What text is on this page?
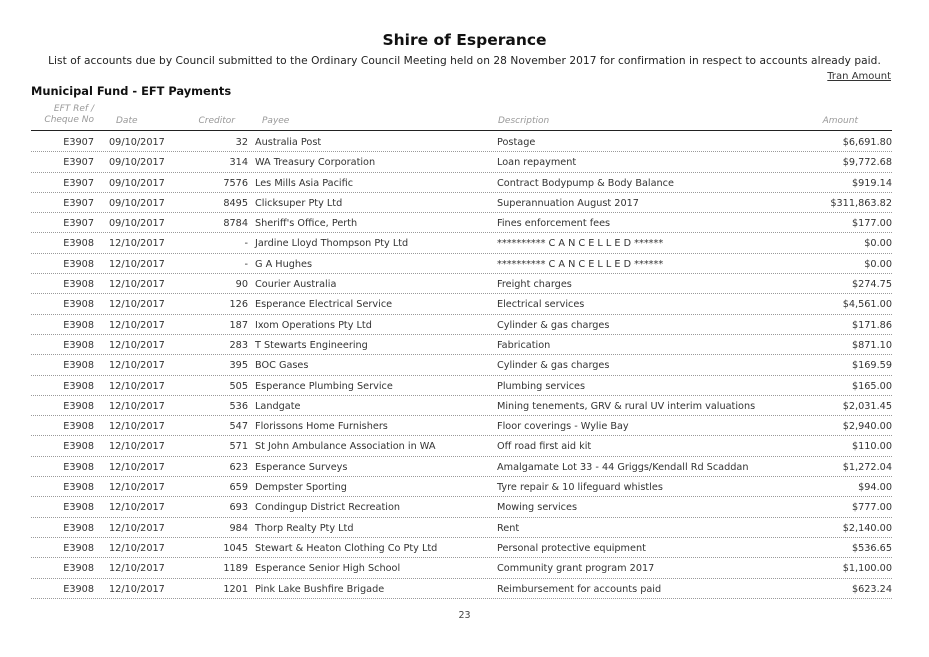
Shire of Esperance
List of accounts due by Council submitted to the Ordinary Council Meeting held on 28 November 2017 for confirmation in respect to accounts already paid.
Tran Amount
Municipal Fund - EFT Payments
EFT Ref /
Cheque No Date	Creditor	Payee	Description	Amount
E3907 09/10/2017	32 Australia Post	Postage	$6,691.80
E3907 09/10/2017	314 WA Treasury Corporation	Loan repayment	$9,772.68
E3907 09/10/2017	7576 Les Mills Asia Pacific	Contract Bodypump & Body Balance	$919.14
E3907 09/10/2017	8495 Clicksuper Pty Ltd	Superannuation August 2017	$311,863.82
E3907 09/10/2017	8784 Sheriff's Office, Perth	Fines enforcement fees	$177.00
E3908 12/10/2017	- Jardine Lloyd Thompson Pty Ltd	********** C A N C E L L E D ******	$0.00
E3908 12/10/2017	- G A Hughes	********** C A N C E L L E D ******	$0.00
E3908 12/10/2017	90 Courier Australia	Freight charges	$274.75
E3908 12/10/2017	126 Esperance Electrical Service	Electrical services	$4,561.00
E3908 12/10/2017	187 Ixom Operations Pty Ltd	Cylinder & gas charges	$171.86
E3908 12/10/2017	283 T Stewarts Engineering	Fabrication	$871.10
E3908 12/10/2017	395 BOC Gases	Cylinder & gas charges	$169.59
E3908 12/10/2017	505 Esperance Plumbing Service	Plumbing services	$165.00
E3908 12/10/2017	536 Landgate	Mining tenements, GRV & rural UV interim valuations	$2,031.45
E3908 12/10/2017	547 Florissons Home Furnishers	Floor coverings - Wylie Bay	$2,940.00
E3908 12/10/2017	571 St John Ambulance Association in WA	Off road first aid kit	$110.00
E3908 12/10/2017	623 Esperance Surveys	Amalgamate Lot 33 - 44 Griggs/Kendall Rd Scaddan	$1,272.04
E3908 12/10/2017	659 Dempster Sporting	Tyre repair & 10 lifeguard whistles	$94.00
E3908 12/10/2017	693 Condingup District Recreation	Mowing services	$777.00
E3908 12/10/2017	984 Thorp Realty Pty Ltd	Rent	$2,140.00
E3908 12/10/2017	1045 Stewart & Heaton Clothing Co Pty Ltd	Personal protective equipment	$536.65
E3908 12/10/2017	1189 Esperance Senior High School	Community grant program 2017	$1,100.00
E3908 12/10/2017	1201 Pink Lake Bushfire Brigade	Reimbursement for accounts paid	$623.24
23
